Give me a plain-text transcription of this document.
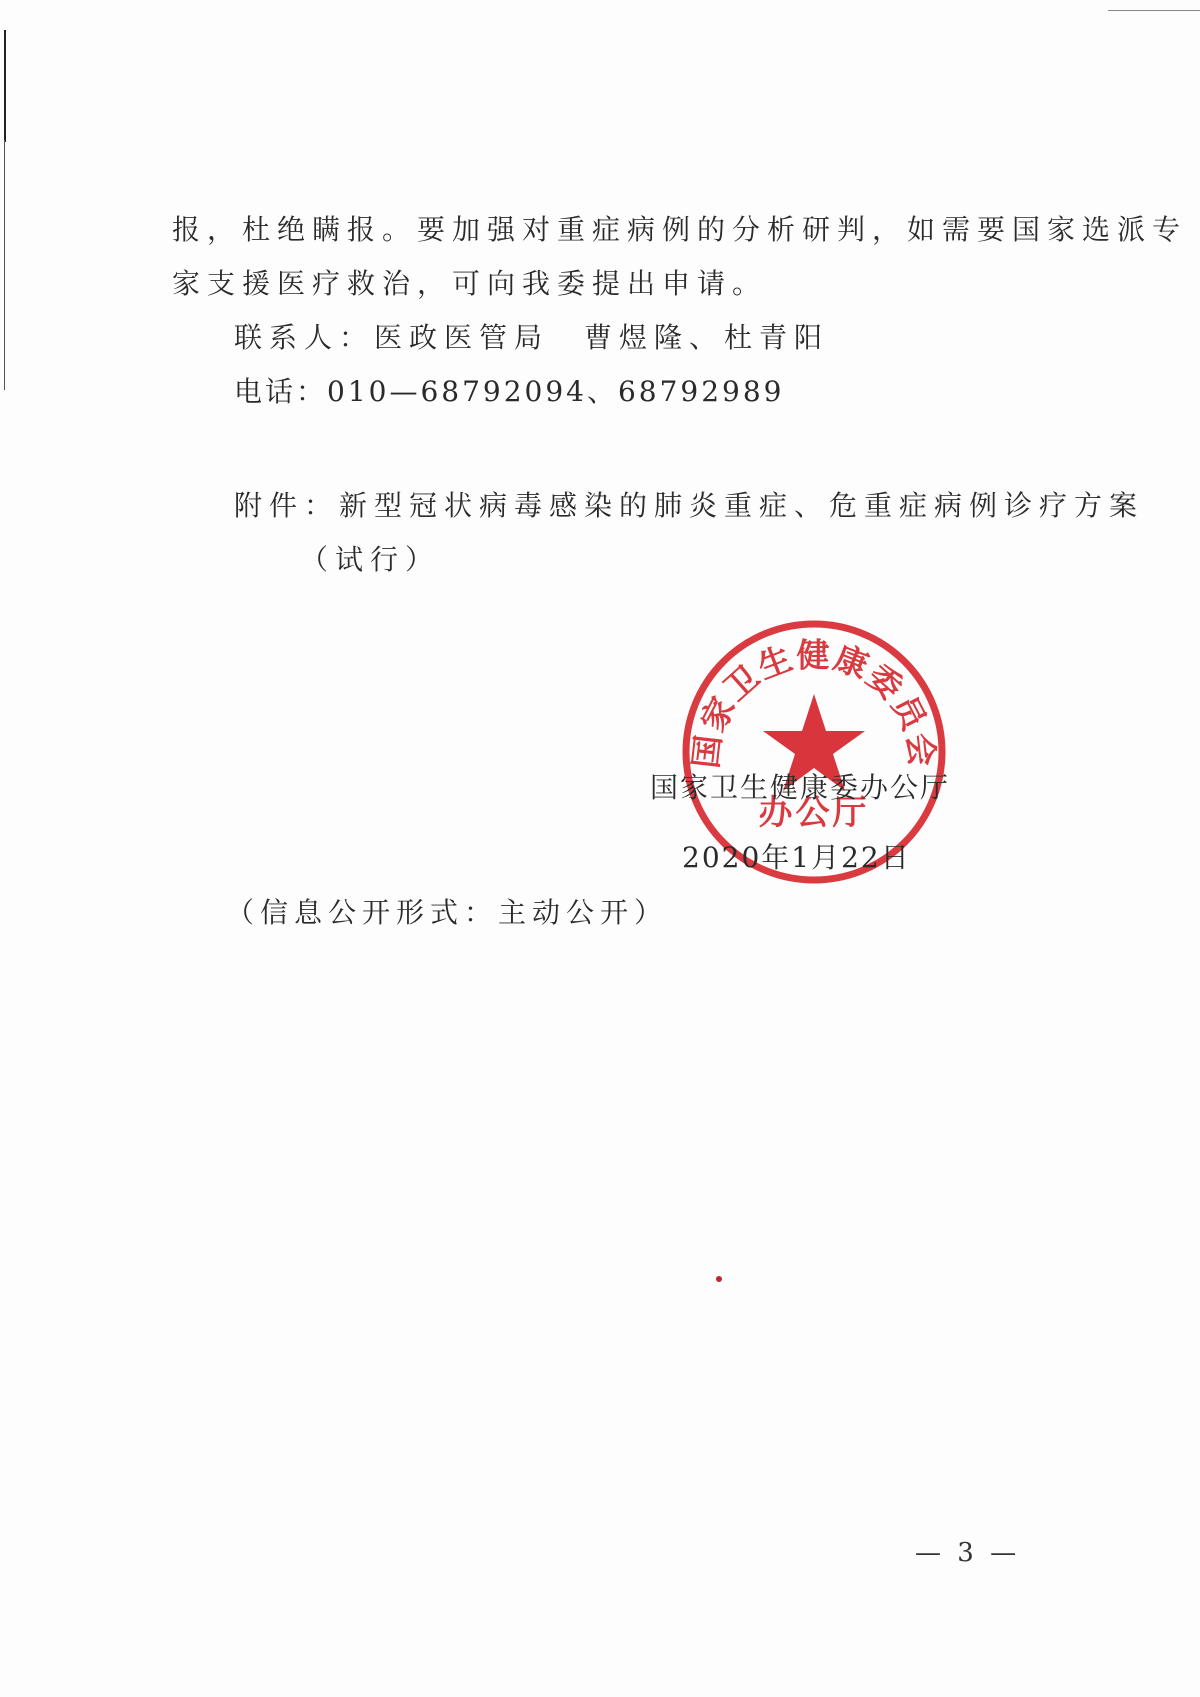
报，杜绝瞒报。要加强对重症病例的分析研判，如需要国家选派专
家支援医疗救治，可向我委提出申请。
联系人：医政医管局　曹煜隆、杜青阳
电话：010—68792094、68792989
附件：新型冠状病毒感染的肺炎重症、危重症病例诊疗方案
（试行）
国家卫生健康委员会
办公厅
国家卫生健康委办公厅
2020年1月22日
（信息公开形式：主动公开）
— 3 —
